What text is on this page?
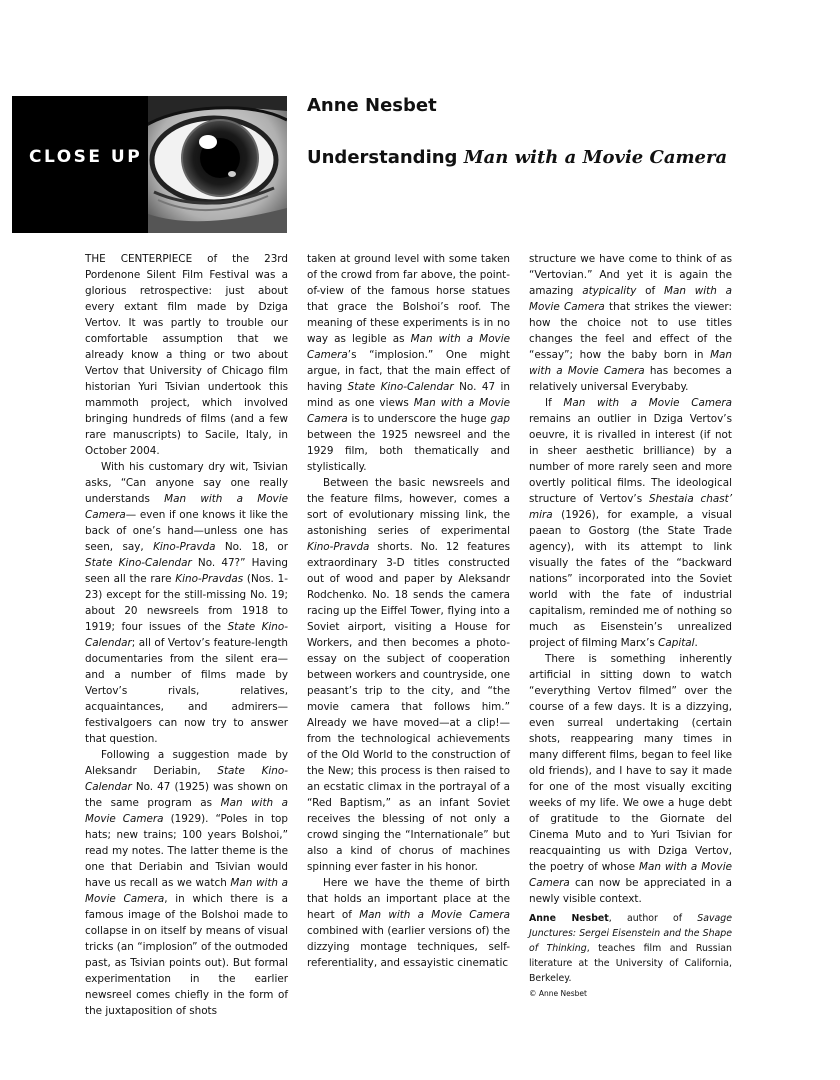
CLOSE UP
Anne Nesbet
Understanding Man with a Movie Camera

THE CENTERPIECE of the 23rd Pordenone Silent Film Festival was a glorious retrospective: just about every extant film made by Dziga Vertov. It was partly to trouble our comfortable assumption that we already know a thing or two about Vertov that University of Chicago film historian Yuri Tsivian undertook this mammoth project, which involved bringing hundreds of films (and a few rare manuscripts) to Sacile, Italy, in October 2004.

With his customary dry wit, Tsivian asks, “Can anyone say one really understands Man with a Movie Camera— even if one knows it like the back of one’s hand—unless one has seen, say, Kino-Pravda No. 18, or State Kino-Calendar No. 47?” Having seen all the rare Kino-Pravdas (Nos. 1-23) except for the still-missing No. 19; about 20 newsreels from 1918 to 1919; four issues of the State Kino-Calendar; all of Vertov’s feature-length documentaries from the silent era—and a number of films made by Vertov’s rivals, relatives, acquaintances, and admirers—festivalgoers can now try to answer that question.

Following a suggestion made by Aleksandr Deriabin, State Kino-Calendar No. 47 (1925) was shown on the same program as Man with a Movie Camera (1929). “Poles in top hats; new trains; 100 years Bolshoi,” read my notes. The latter theme is the one that Deriabin and Tsivian would have us recall as we watch Man with a Movie Camera, in which there is a famous image of the Bolshoi made to collapse in on itself by means of visual tricks (an “implosion” of the outmoded past, as Tsivian points out). But formal experimentation in the earlier newsreel comes chiefly in the form of the juxtaposition of shots

taken at ground level with some taken of the crowd from far above, the point-of-view of the famous horse statues that grace the Bolshoi’s roof. The meaning of these experiments is in no way as legible as Man with a Movie Camera’s “implosion.” One might argue, in fact, that the main effect of having State Kino-Calendar No. 47 in mind as one views Man with a Movie Camera is to underscore the huge gap between the 1925 newsreel and the 1929 film, both thematically and stylistically.

Between the basic newsreels and the feature films, however, comes a sort of evolutionary missing link, the astonishing series of experimental Kino-Pravda shorts. No. 12 features extraordinary 3-D titles constructed out of wood and paper by Aleksandr Rodchenko. No. 18 sends the camera racing up the Eiffel Tower, flying into a Soviet airport, visiting a House for Workers, and then becomes a photo-essay on the subject of cooperation between workers and countryside, one peasant’s trip to the city, and “the movie camera that follows him.” Already we have moved—at a clip!—from the technological achievements of the Old World to the construction of the New; this process is then raised to an ecstatic climax in the portrayal of a “Red Baptism,” as an infant Soviet receives the blessing of not only a crowd singing the “Internationale” but also a kind of chorus of machines spinning ever faster in his honor.

Here we have the theme of birth that holds an important place at the heart of Man with a Movie Camera combined with (earlier versions of) the dizzying montage techniques, self-referentiality, and essayistic cinematic

structure we have come to think of as “Vertovian.” And yet it is again the amazing atypicality of Man with a Movie Camera that strikes the viewer: how the choice not to use titles changes the feel and effect of the “essay”; how the baby born in Man with a Movie Camera has becomes a relatively universal Everybaby.

If Man with a Movie Camera remains an outlier in Dziga Vertov’s oeuvre, it is rivalled in interest (if not in sheer aesthetic brilliance) by a number of more rarely seen and more overtly political films. The ideological structure of Vertov’s Shestaia chast’ mira (1926), for example, a visual paean to Gostorg (the State Trade agency), with its attempt to link visually the fates of the “backward nations” incorporated into the Soviet world with the fate of industrial capitalism, reminded me of nothing so much as Eisenstein’s unrealized project of filming Marx’s Capital.

There is something inherently artificial in sitting down to watch “everything Vertov filmed” over the course of a few days. It is a dizzying, even surreal undertaking (certain shots, reappearing many times in many different films, began to feel like old friends), and I have to say it made for one of the most visually exciting weeks of my life. We owe a huge debt of gratitude to the Giornate del Cinema Muto and to Yuri Tsivian for reacquainting us with Dziga Vertov, the poetry of whose Man with a Movie Camera can now be appreciated in a newly visible context.

Anne Nesbet, author of Savage Junctures: Sergei Eisenstein and the Shape of Thinking, teaches film and Russian literature at the University of California, Berkeley.

© Anne Nesbet
